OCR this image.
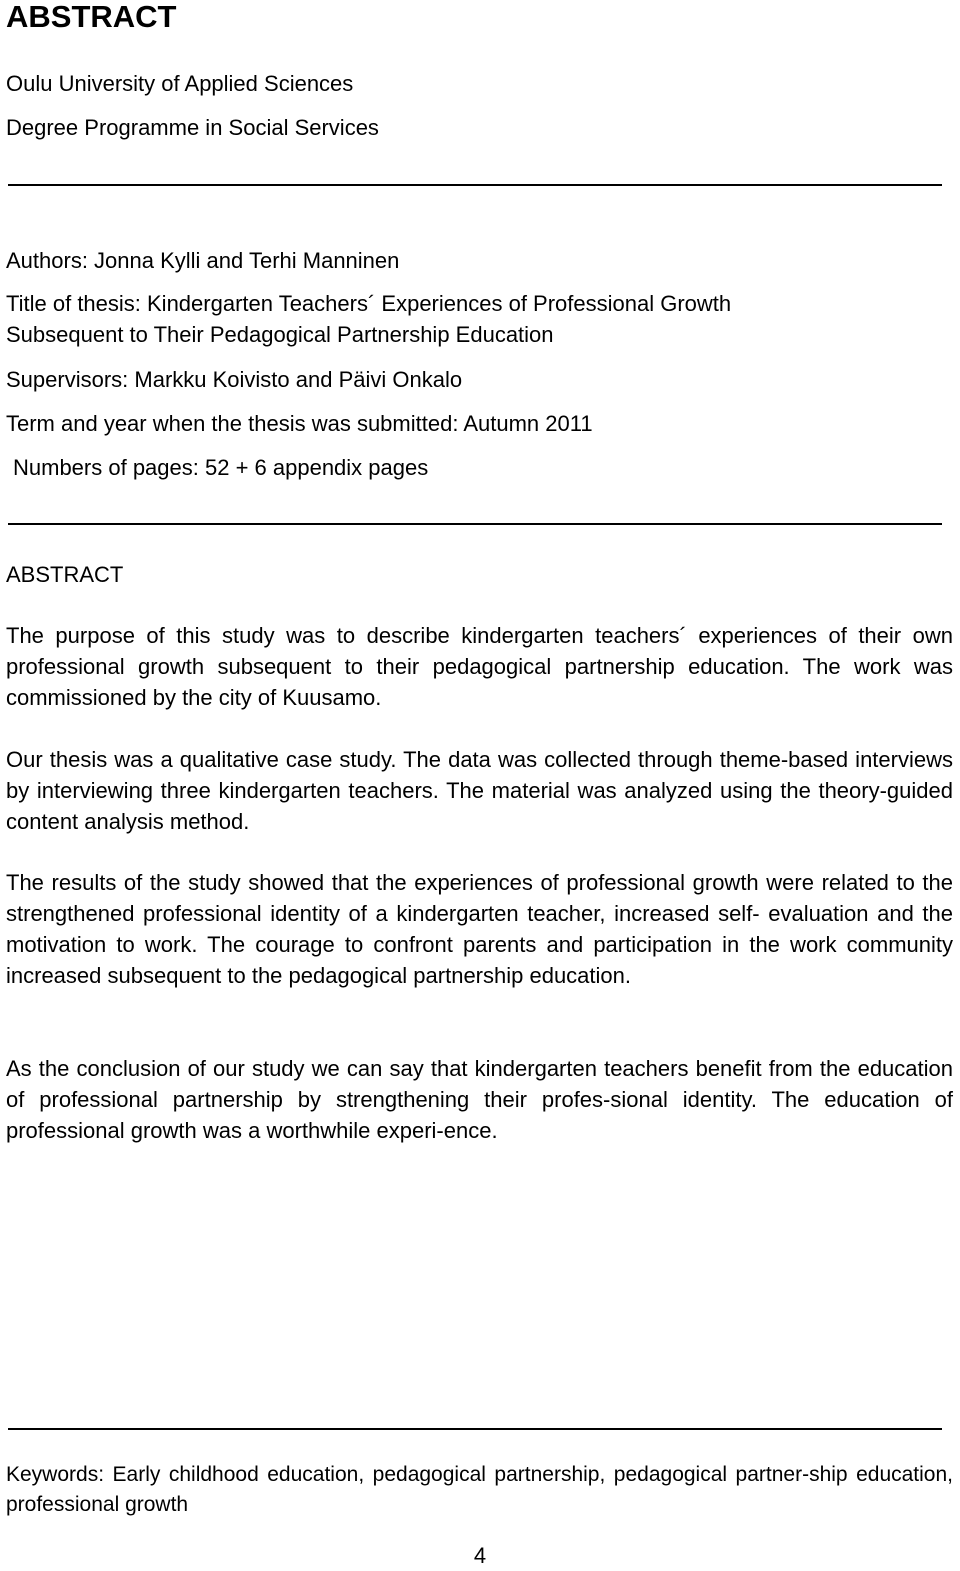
ABSTRACT

Oulu University of Applied Sciences

Degree Programme in Social Services

Authors: Jonna Kylli and Terhi Manninen

Title of thesis: Kindergarten Teachers´ Experiences of Professional Growth

Subsequent to Their Pedagogical Partnership Education

Supervisors: Markku Koivisto and Päivi Onkalo

Term and year when the thesis was submitted: Autumn 2011

Numbers of pages: 52 + 6 appendix pages

ABSTRACT

The purpose of this study was to describe kindergarten teachers´ experiences of their own professional growth subsequent to their pedagogical partnership education. The work was commissioned by the city of Kuusamo.

Our thesis was a qualitative case study. The data was collected through theme-based interviews by interviewing three kindergarten teachers. The material was analyzed using the theory-guided content analysis method.

The results of the study showed that the experiences of professional growth were related to the strengthened professional identity of a kindergarten teacher, increased self- evaluation and the motivation to work. The courage to confront parents and participation in the work community increased subsequent to the pedagogical partnership education.

As the conclusion of our study we can say that kindergarten teachers benefit from the education of professional partnership by strengthening their profes-sional identity. The education of professional growth was a worthwhile experi-ence.

Keywords: Early childhood education, pedagogical partnership, pedagogical partner-ship education, professional growth

4
